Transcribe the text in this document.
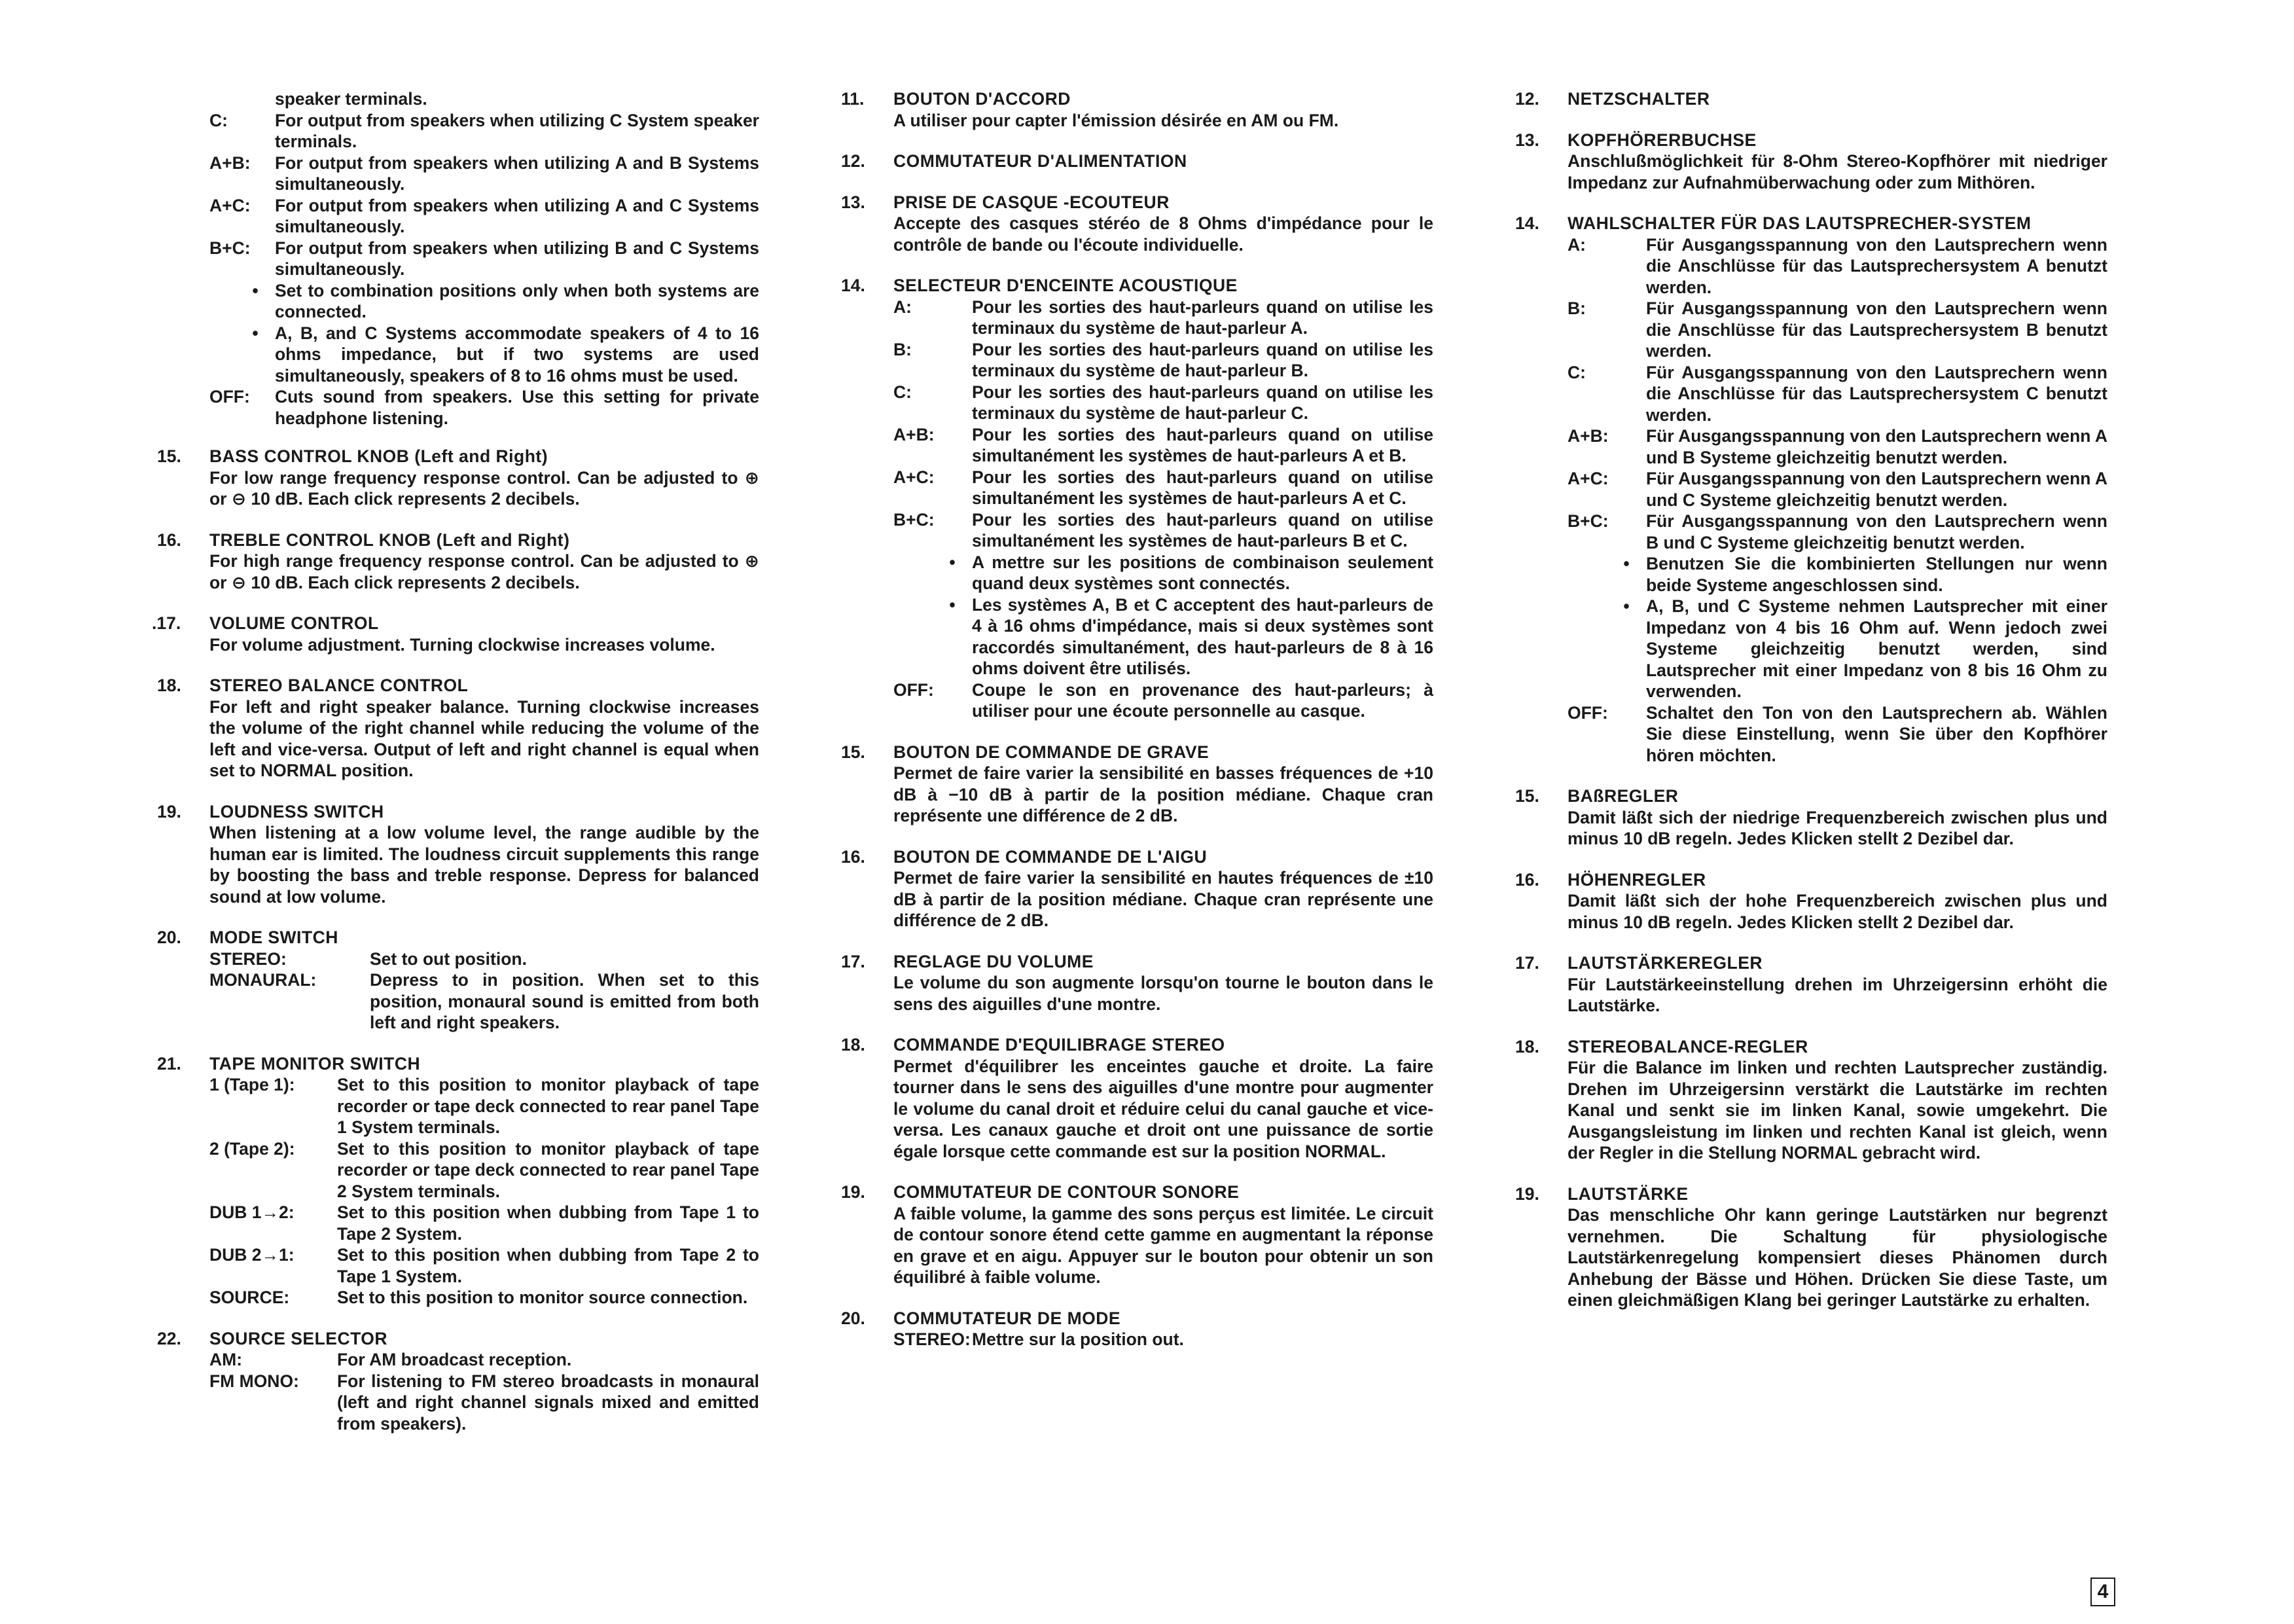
speaker terminals.
C:	For output from speakers when utilizing C System speaker terminals.
A+B:	For output from speakers when utilizing A and B Systems simultaneously.
A+C:	For output from speakers when utilizing A and C Systems simultaneously.
B+C:	For output from speakers when utilizing B and C Systems simultaneously.
• Set to combination positions only when both systems are connected.
• A, B, and C Systems accommodate speakers of 4 to 16 ohms impedance, but if two systems are used simultaneously, speakers of 8 to 16 ohms must be used.
OFF:	Cuts sound from speakers. Use this setting for private headphone listening.
15.	BASS CONTROL KNOB (Left and Right)
For low range frequency response control. Can be adjusted to ⊕ or ⊖ 10 dB. Each click represents 2 decibels.
16.	TREBLE CONTROL KNOB (Left and Right)
For high range frequency response control. Can be adjusted to ⊕ or ⊖ 10 dB. Each click represents 2 decibels.
.17.	VOLUME CONTROL
For volume adjustment. Turning clockwise increases volume.
18.	STEREO BALANCE CONTROL
For left and right speaker balance. Turning clockwise increases the volume of the right channel while reducing the volume of the left and vice-versa. Output of left and right channel is equal when set to NORMAL position.
19.	LOUDNESS SWITCH
When listening at a low volume level, the range audible by the human ear is limited. The loudness circuit supplements this range by boosting the bass and treble response. Depress for balanced sound at low volume.
20.	MODE SWITCH
STEREO:	Set to out position.
MONAURAL:	Depress to in position. When set to this position, monaural sound is emitted from both left and right speakers.
21.	TAPE MONITOR SWITCH
1 (Tape 1):	Set to this position to monitor playback of tape recorder or tape deck connected to rear panel Tape 1 System terminals.
2 (Tape 2):	Set to this position to monitor playback of tape recorder or tape deck connected to rear panel Tape 2 System terminals.
DUB 1→2:	Set to this position when dubbing from Tape 1 to Tape 2 System.
DUB 2→1:	Set to this position when dubbing from Tape 2 to Tape 1 System.
SOURCE:	Set to this position to monitor source connection.
22.	SOURCE SELECTOR
AM:	For AM broadcast reception.
FM MONO:	For listening to FM stereo broadcasts in monaural (left and right channel signals mixed and emitted from speakers).
11.	BOUTON D'ACCORD
A utiliser pour capter l'émission désirée en AM ou FM.
12.	COMMUTATEUR D'ALIMENTATION
13.	PRISE DE CASQUE -ECOUTEUR
Accepte des casques stéréo de 8 Ohms d'impédance pour le contrôle de bande ou l'écoute individuelle.
14.	SELECTEUR D'ENCEINTE ACOUSTIQUE
A:	Pour les sorties des haut-parleurs quand on utilise les terminaux du système de haut-parleur A.
B:	Pour les sorties des haut-parleurs quand on utilise les terminaux du système de haut-parleur B.
C:	Pour les sorties des haut-parleurs quand on utilise les terminaux du système de haut-parleur C.
A+B:	Pour les sorties des haut-parleurs quand on utilise simultanément les systèmes de haut-parleurs A et B.
A+C:	Pour les sorties des haut-parleurs quand on utilise simultanément les systèmes de haut-parleurs A et C.
B+C:	Pour les sorties des haut-parleurs quand on utilise simultanément les systèmes de haut-parleurs B et C.
• A mettre sur les positions de combinaison seulement quand deux systèmes sont connectés.
• Les systèmes A, B et C acceptent des haut-parleurs de 4 à 16 ohms d'impédance, mais si deux systèmes sont raccordés simultanément, des haut-parleurs de 8 à 16 ohms doivent être utilisés.
OFF:	Coupe le son en provenance des haut-parleurs; à utiliser pour une écoute personnelle au casque.
15.	BOUTON DE COMMANDE DE GRAVE
Permet de faire varier la sensibilité en basses fréquences de +10 dB à −10 dB à partir de la position médiane. Chaque cran représente une différence de 2 dB.
16.	BOUTON DE COMMANDE DE L'AIGU
Permet de faire varier la sensibilité en hautes fréquences de ±10 dB à partir de la position médiane. Chaque cran représente une différence de 2 dB.
17.	REGLAGE DU VOLUME
Le volume du son augmente lorsqu'on tourne le bouton dans le sens des aiguilles d'une montre.
18.	COMMANDE D'EQUILIBRAGE STEREO
Permet d'équilibrer les enceintes gauche et droite. La faire tourner dans le sens des aiguilles d'une montre pour augmenter le volume du canal droit et réduire celui du canal gauche et vice-versa. Les canaux gauche et droit ont une puissance de sortie égale lorsque cette commande est sur la position NORMAL.
19.	COMMUTATEUR DE CONTOUR SONORE
A faible volume, la gamme des sons perçus est limitée. Le circuit de contour sonore étend cette gamme en augmentant la réponse en grave et en aigu. Appuyer sur le bouton pour obtenir un son équilibré à faible volume.
20.	COMMUTATEUR DE MODE
STEREO: Mettre sur la position out.
12.	NETZSCHALTER
13.	KOPFHÖRERBUCHSE
Anschlußmöglichkeit für 8-Ohm Stereo-Kopfhörer mit niedriger Impedanz zur Aufnahmüberwachung oder zum Mithören.
14.	WAHLSCHALTER FÜR DAS LAUTSPRECHER-SYSTEM
A:	Für Ausgangsspannung von den Lautsprechern wenn die Anschlüsse für das Lautsprechersystem A benutzt werden.
B:	Für Ausgangsspannung von den Lautsprechern wenn die Anschlüsse für das Lautsprechersystem B benutzt werden.
C:	Für Ausgangsspannung von den Lautsprechern wenn die Anschlüsse für das Lautsprechersystem C benutzt werden.
A+B:	Für Ausgangsspannung von den Lautsprechern wenn A und B Systeme gleichzeitig benutzt werden.
A+C:	Für Ausgangsspannung von den Lautsprechern wenn A und C Systeme gleichzeitig benutzt werden.
B+C:	Für Ausgangsspannung von den Lautsprechern wenn B und C Systeme gleichzeitig benutzt werden.
• Benutzen Sie die kombinierten Stellungen nur wenn beide Systeme angeschlossen sind.
• A, B, und C Systeme nehmen Lautsprecher mit einer Impedanz von 4 bis 16 Ohm auf. Wenn jedoch zwei Systeme gleichzeitig benutzt werden, sind Lautsprecher mit einer Impedanz von 8 bis 16 Ohm zu verwenden.
OFF:	Schaltet den Ton von den Lautsprechern ab. Wählen Sie diese Einstellung, wenn Sie über den Kopfhörer hören möchten.
15.	BAßREGLER
Damit läßt sich der niedrige Frequenzbereich zwischen plus und minus 10 dB regeln. Jedes Klicken stellt 2 Dezibel dar.
16.	HÖHENREGLER
Damit läßt sich der hohe Frequenzbereich zwischen plus und minus 10 dB regeln. Jedes Klicken stellt 2 Dezibel dar.
17.	LAUTSTÄRKEREGLER
Für Lautstärkeeinstellung drehen im Uhrzeigersinn erhöht die Lautstärke.
18.	STEREOBALANCE-REGLER
Für die Balance im linken und rechten Lautsprecher zuständig. Drehen im Uhrzeigersinn verstärkt die Lautstärke im rechten Kanal und senkt sie im linken Kanal, sowie umgekehrt. Die Ausgangsleistung im linken und rechten Kanal ist gleich, wenn der Regler in die Stellung NORMAL gebracht wird.
19.	LAUTSTÄRKE
Das menschliche Ohr kann geringe Lautstärken nur begrenzt vernehmen. Die Schaltung für physiologische Lautstärkenregelung kompensiert dieses Phänomen durch Anhebung der Bässe und Höhen. Drücken Sie diese Taste, um einen gleichmäßigen Klang bei geringer Lautstärke zu erhalten.
4
